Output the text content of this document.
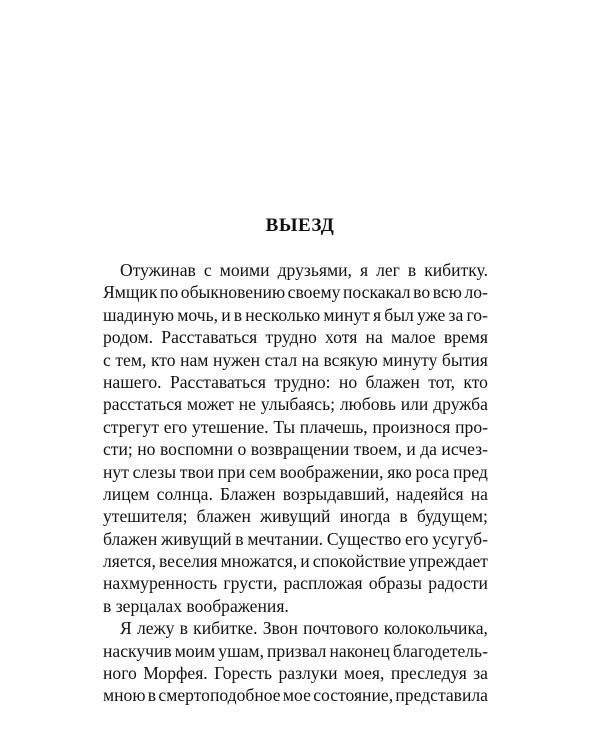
ВЫЕЗД
Отужинав с моими друзьями, я лег в кибитку.
Ямщик по обыкновению своему поскакал во всю ло-
шадиную мочь, и в несколько минут я был уже за го-
родом. Расставаться трудно хотя на малое время
с тем, кто нам нужен стал на всякую минуту бытия
нашего. Расставаться трудно: но блажен тот, кто
расстаться может не улыбаясь; любовь или дружба
стрегут его утешение. Ты плачешь, произнося про-
сти; но воспомни о возвращении твоем, и да исчез-
нут слезы твои при сем воображении, яко роса пред
лицем солнца. Блажен возрыдавший, надеяйся на
утешителя; блажен живущий иногда в будущем;
блажен живущий в мечтании. Существо его усугуб-
ляется, веселия множатся, и спокойствие упреждает
нахмуренность грусти, распложая образы радости
в зерцалах воображения.
Я лежу в кибитке. Звон почтового колокольчика,
наскучив моим ушам, призвал наконец благодетель-
ного Морфея. Горесть разлуки моея, преследуя за
мною в смертоподобное мое состояние, представила
